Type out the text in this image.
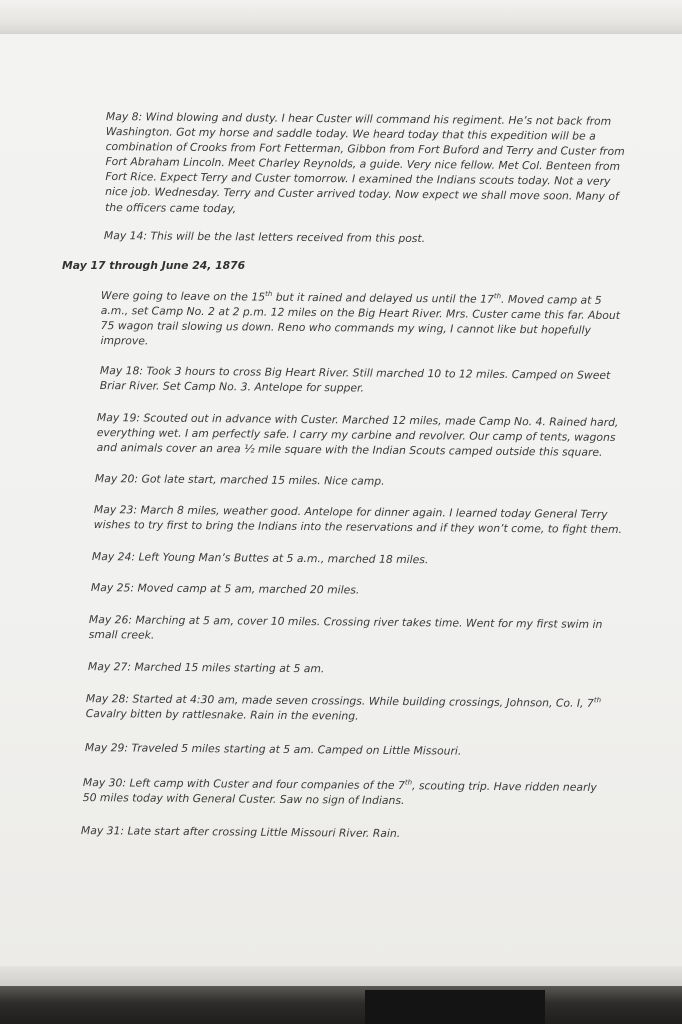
May 8: Wind blowing and dusty. I hear Custer will command his regiment. He’s not back from
Washington. Got my horse and saddle today. We heard today that this expedition will be a
combination of Crooks from Fort Fetterman, Gibbon from Fort Buford and Terry and Custer from
Fort Abraham Lincoln. Meet Charley Reynolds, a guide. Very nice fellow. Met Col. Benteen from
Fort Rice. Expect Terry and Custer tomorrow. I examined the Indians scouts today. Not a very
nice job. Wednesday. Terry and Custer arrived today. Now expect we shall move soon. Many of
the officers came today,

May 14: This will be the last letters received from this post.

May 17 through June 24, 1876

Were going to leave on the 15th but it rained and delayed us until the 17th. Moved camp at 5
a.m., set Camp No. 2 at 2 p.m. 12 miles on the Big Heart River. Mrs. Custer came this far. About
75 wagon trail slowing us down. Reno who commands my wing, I cannot like but hopefully
improve.

May 18: Took 3 hours to cross Big Heart River. Still marched 10 to 12 miles. Camped on Sweet
Briar River. Set Camp No. 3. Antelope for supper.

May 19: Scouted out in advance with Custer. Marched 12 miles, made Camp No. 4. Rained hard,
everything wet. I am perfectly safe. I carry my carbine and revolver. Our camp of tents, wagons
and animals cover an area ½ mile square with the Indian Scouts camped outside this square.

May 20: Got late start, marched 15 miles. Nice camp.

May 23: March 8 miles, weather good. Antelope for dinner again. I learned today General Terry
wishes to try first to bring the Indians into the reservations and if they won’t come, to fight them.

May 24: Left Young Man’s Buttes at 5 a.m., marched 18 miles.

May 25: Moved camp at 5 am, marched 20 miles.

May 26: Marching at 5 am, cover 10 miles. Crossing river takes time. Went for my first swim in
small creek.

May 27: Marched 15 miles starting at 5 am.

May 28: Started at 4:30 am, made seven crossings. While building crossings, Johnson, Co. I, 7th
Cavalry bitten by rattlesnake. Rain in the evening.

May 29: Traveled 5 miles starting at 5 am. Camped on Little Missouri.

May 30: Left camp with Custer and four companies of the 7th, scouting trip. Have ridden nearly
50 miles today with General Custer. Saw no sign of Indians.

May 31: Late start after crossing Little Missouri River. Rain.
